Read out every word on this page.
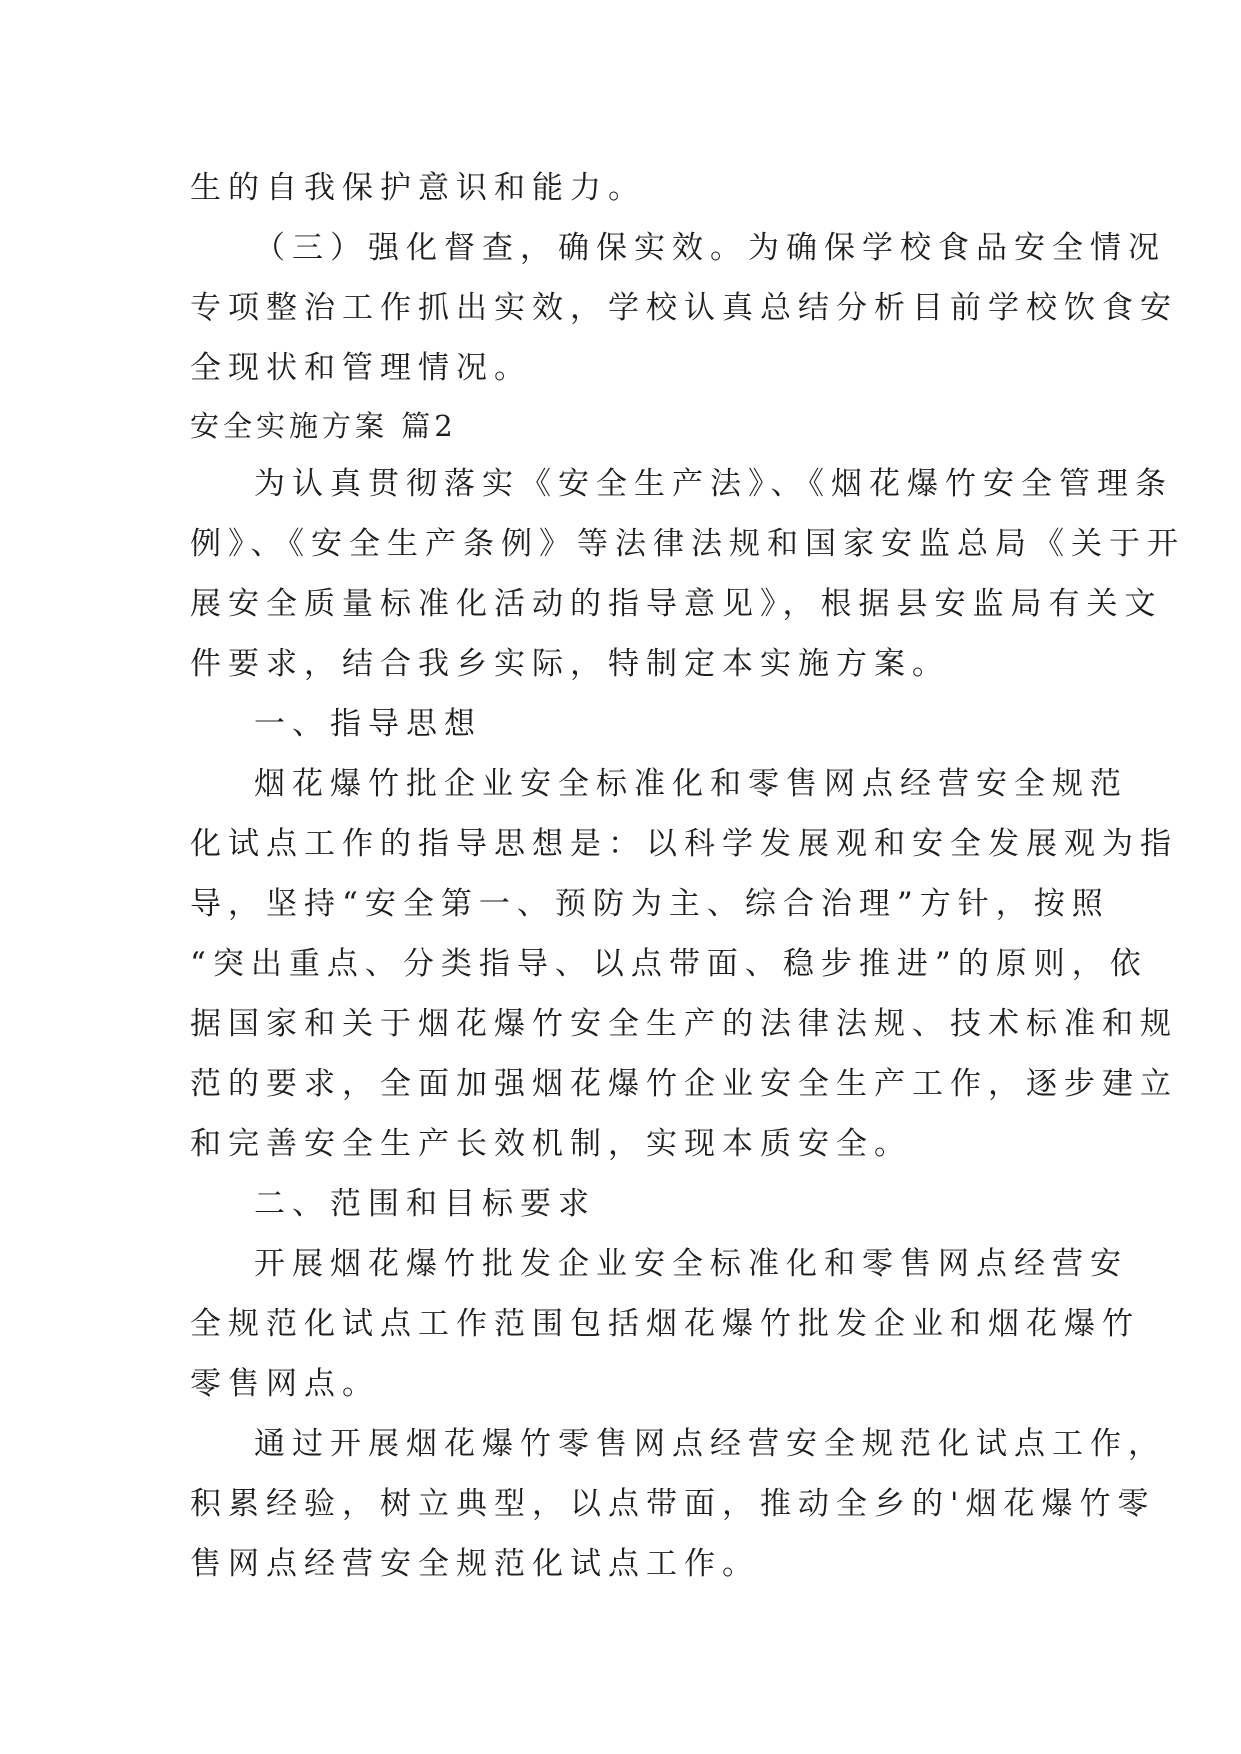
生的自我保护意识和能力。
（三）强化督查，确保实效。为确保学校食品安全情况
专项整治工作抓出实效，学校认真总结分析目前学校饮食安
全现状和管理情况。
安全实施方案 篇2
为认真贯彻落实《安全生产法》、《烟花爆竹安全管理条
例》、《安全生产条例》等法律法规和国家安监总局《关于开
展安全质量标准化活动的指导意见》，根据县安监局有关文
件要求，结合我乡实际，特制定本实施方案。
一、指导思想
烟花爆竹批企业安全标准化和零售网点经营安全规范
化试点工作的指导思想是：以科学发展观和安全发展观为指
导，坚持“安全第一、预防为主、综合治理”方针，按照
“突出重点、分类指导、以点带面、稳步推进”的原则，依
据国家和关于烟花爆竹安全生产的法律法规、技术标准和规
范的要求，全面加强烟花爆竹企业安全生产工作，逐步建立
和完善安全生产长效机制，实现本质安全。
二、范围和目标要求
开展烟花爆竹批发企业安全标准化和零售网点经营安
全规范化试点工作范围包括烟花爆竹批发企业和烟花爆竹
零售网点。
通过开展烟花爆竹零售网点经营安全规范化试点工作，
积累经验，树立典型，以点带面，推动全乡的'烟花爆竹零
售网点经营安全规范化试点工作。
